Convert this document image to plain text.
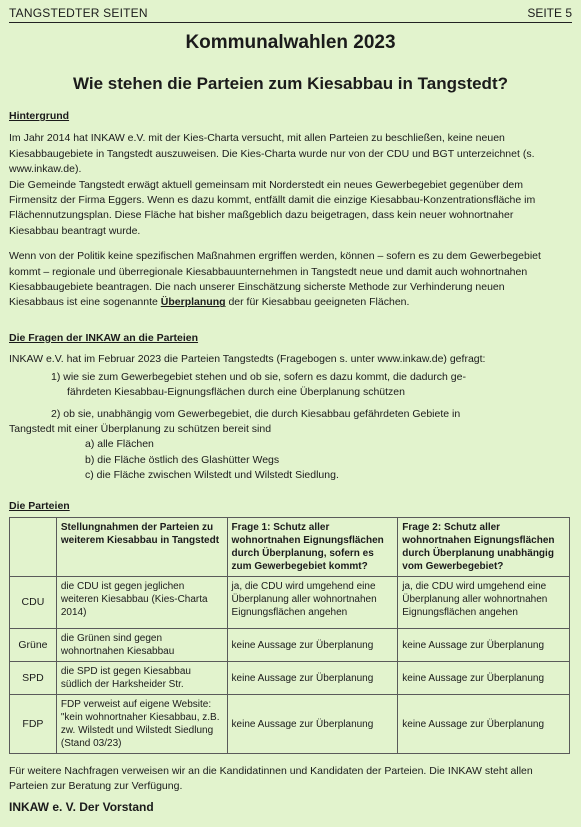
TANGSTEDTER SEITEN	SEITE 5
Kommunalwahlen 2023
Wie stehen die Parteien zum Kiesabbau in Tangstedt?
Hintergrund
Im Jahr 2014 hat INKAW e.V. mit der Kies-Charta versucht, mit allen Parteien zu beschließen, keine neuen
Kiesabbaugebiete in Tangstedt auszuweisen. Die Kies-Charta wurde nur von der CDU und BGT unterzeichnet (s.
www.inkaw.de).
Die Gemeinde Tangstedt erwägt aktuell gemeinsam mit Norderstedt ein neues Gewerbegebiet gegenüber dem
Firmensitz der Firma Eggers. Wenn es dazu kommt, entfällt damit die einzige Kiesabbau-Konzentrationsfläche im
Flächennutzungsplan. Diese Fläche hat bisher maßgeblich dazu beigetragen, dass kein neuer wohnortnaher
Kiesabbau beantragt wurde.
Wenn von der Politik keine spezifischen Maßnahmen ergriffen werden, können – sofern es zu dem Gewerbegebiet
kommt – regionale und überregionale Kiesabbauunternehmen in Tangstedt neue und damit auch wohnortnahen
Kiesabbaugebiete beantragen. Die nach unserer Einschätzung sicherste Methode zur Verhinderung neuen
Kiesabbaus ist eine sogenannte Überplanung der für Kiesabbau geeigneten Flächen.
Die Fragen der INKAW an die Parteien
INKAW e.V. hat im Februar 2023 die Parteien Tangstedts (Fragebogen s. unter www.inkaw.de) gefragt:
1) wie sie zum Gewerbegebiet stehen und ob sie, sofern es dazu kommt, die dadurch ge-
fährdeten Kiesabbau-Eignungsflächen durch eine Überplanung schützen
2) ob sie, unabhängig vom Gewerbegebiet, die durch Kiesabbau gefährdeten Gebiete in
Tangstedt mit einer Überplanung zu schützen bereit sind
a) alle Flächen
b) die Fläche östlich des Glashütter Wegs
c) die Fläche zwischen Wilstedt und Wilstedt Siedlung.
Die Parteien
	Stellungnahmen der Parteien zu weiterem Kiesabbau in Tangstedt	Frage 1: Schutz aller wohnortnahen Eignungsflächen durch Überplanung, sofern es zum Gewerbegebiet kommt?	Frage 2: Schutz aller wohnortnahen Eignungsflächen durch Überplanung unabhängig vom Gewerbegebiet?
CDU	die CDU ist gegen jeglichen weiteren Kiesabbau (Kies-Charta 2014)	ja, die CDU wird umgehend eine Überplanung aller wohnortnahen Eignungsflächen angehen	ja, die CDU wird umgehend eine Überplanung aller wohnortnahen Eignungsflächen angehen
Grüne	die Grünen sind gegen wohnortnahen Kiesabbau	keine Aussage zur Überplanung	keine Aussage zur Überplanung
SPD	die SPD ist gegen Kiesabbau südlich der Harksheider Str.	keine Aussage zur Überplanung	keine Aussage zur Überplanung
FDP	FDP verweist auf eigene Website: "kein wohnortnaher Kiesabbau, z.B. zw. Wilstedt und Wilstedt Siedlung (Stand 03/23)	keine Aussage zur Überplanung	keine Aussage zur Überplanung
Für weitere Nachfragen verweisen wir an die Kandidatinnen und Kandidaten der Parteien. Die INKAW steht allen
Parteien zur Beratung zur Verfügung.
INKAW e. V. Der Vorstand
